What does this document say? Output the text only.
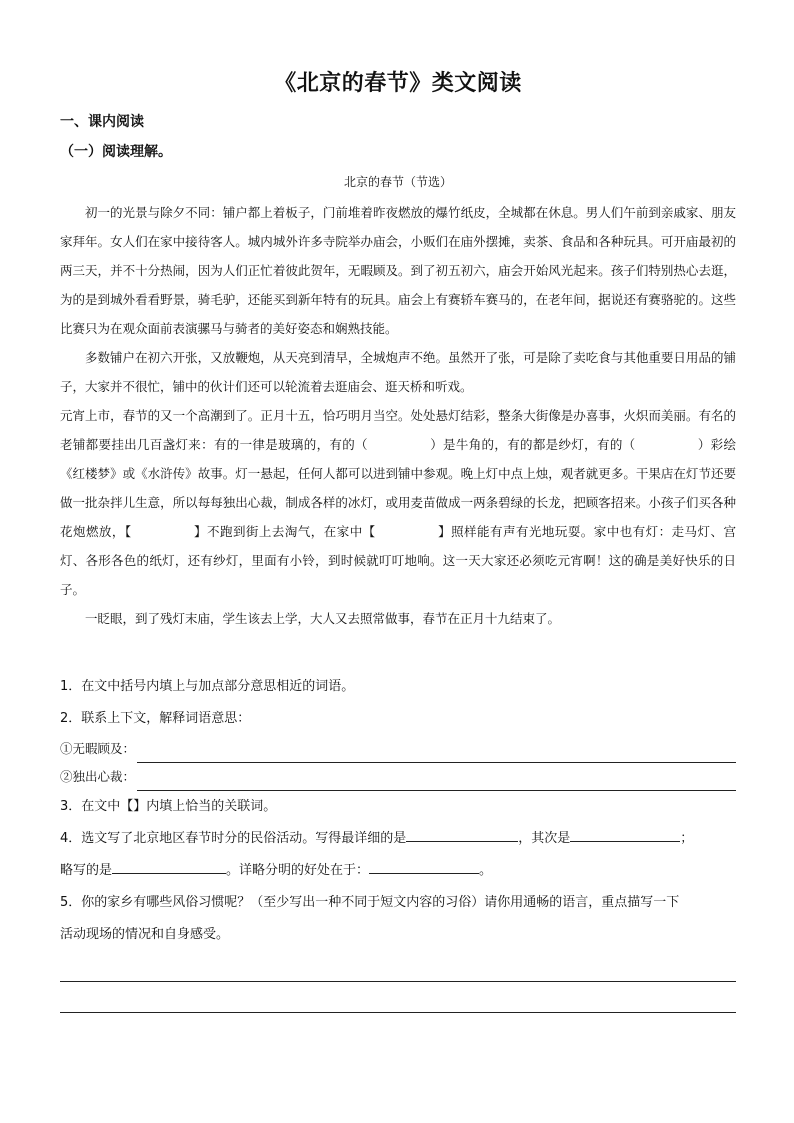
《北京的春节》类文阅读

一、课内阅读

（一）阅读理解。

北京的春节（节选）

初一的光景与除夕不同：铺户都上着板子，门前堆着昨夜燃放的爆竹纸皮，全城都在休息。男人们午前到亲戚家、朋友家拜年。女人们在家中接待客人。城内城外许多寺院举办庙会，小贩们在庙外摆摊，卖茶、食品和各种玩具。可开庙最初的两三天，并不十分热闹，因为人们正忙着彼此贺年，无暇顾及。到了初五初六，庙会开始风光起来。孩子们特别热心去逛，为的是到城外看看野景，骑毛驴，还能买到新年特有的玩具。庙会上有赛轿车赛马的，在老年间，据说还有赛骆驼的。这些比赛只为在观众面前表演骡马与骑者的美好姿态和娴熟技能。

多数铺户在初六开张，又放鞭炮，从天亮到清早，全城炮声不绝。虽然开了张，可是除了卖吃食与其他重要日用品的铺子，大家并不很忙，铺中的伙计们还可以轮流着去逛庙会、逛天桥和听戏。

元宵上市，春节的又一个高潮到了。正月十五，恰巧明月当空。处处悬灯结彩，整条大街像是办喜事，火炽而美丽。有名的老铺都要挂出几百盏灯来：有的一律是玻璃的，有的（	）是牛角的，有的都是纱灯，有的（	）彩绘《红楼梦》或《水浒传》故事。灯一悬起，任何人都可以进到铺中参观。晚上灯中点上烛，观者就更多。干果店在灯节还要做一批杂拌儿生意，所以每每独出心裁，制成各样的冰灯，或用麦苗做成一两条碧绿的长龙，把顾客招来。小孩子们买各种花炮燃放，【	】不跑到街上去淘气，在家中【	】照样能有声有光地玩耍。家中也有灯：走马灯、宫灯、各形各色的纸灯，还有纱灯，里面有小铃，到时候就叮叮地响。这一天大家还必须吃元宵啊！这的确是美好快乐的日子。

一眨眼，到了残灯末庙，学生该去上学，大人又去照常做事，春节在正月十九结束了。

1．在文中括号内填上与加点部分意思相近的词语。

2．联系上下文，解释词语意思：

①无暇顾及：
②独出心裁：

3．在文中【】内填上恰当的关联词。

4．选文写了北京地区春节时分的民俗活动。写得最详细的是	，其次是	；

略写的是	。详略分明的好处在于：	。

5．你的家乡有哪些风俗习惯呢？（至少写出一种不同于短文内容的习俗）请你用通畅的语言，重点描写一下

活动现场的情况和自身感受。
